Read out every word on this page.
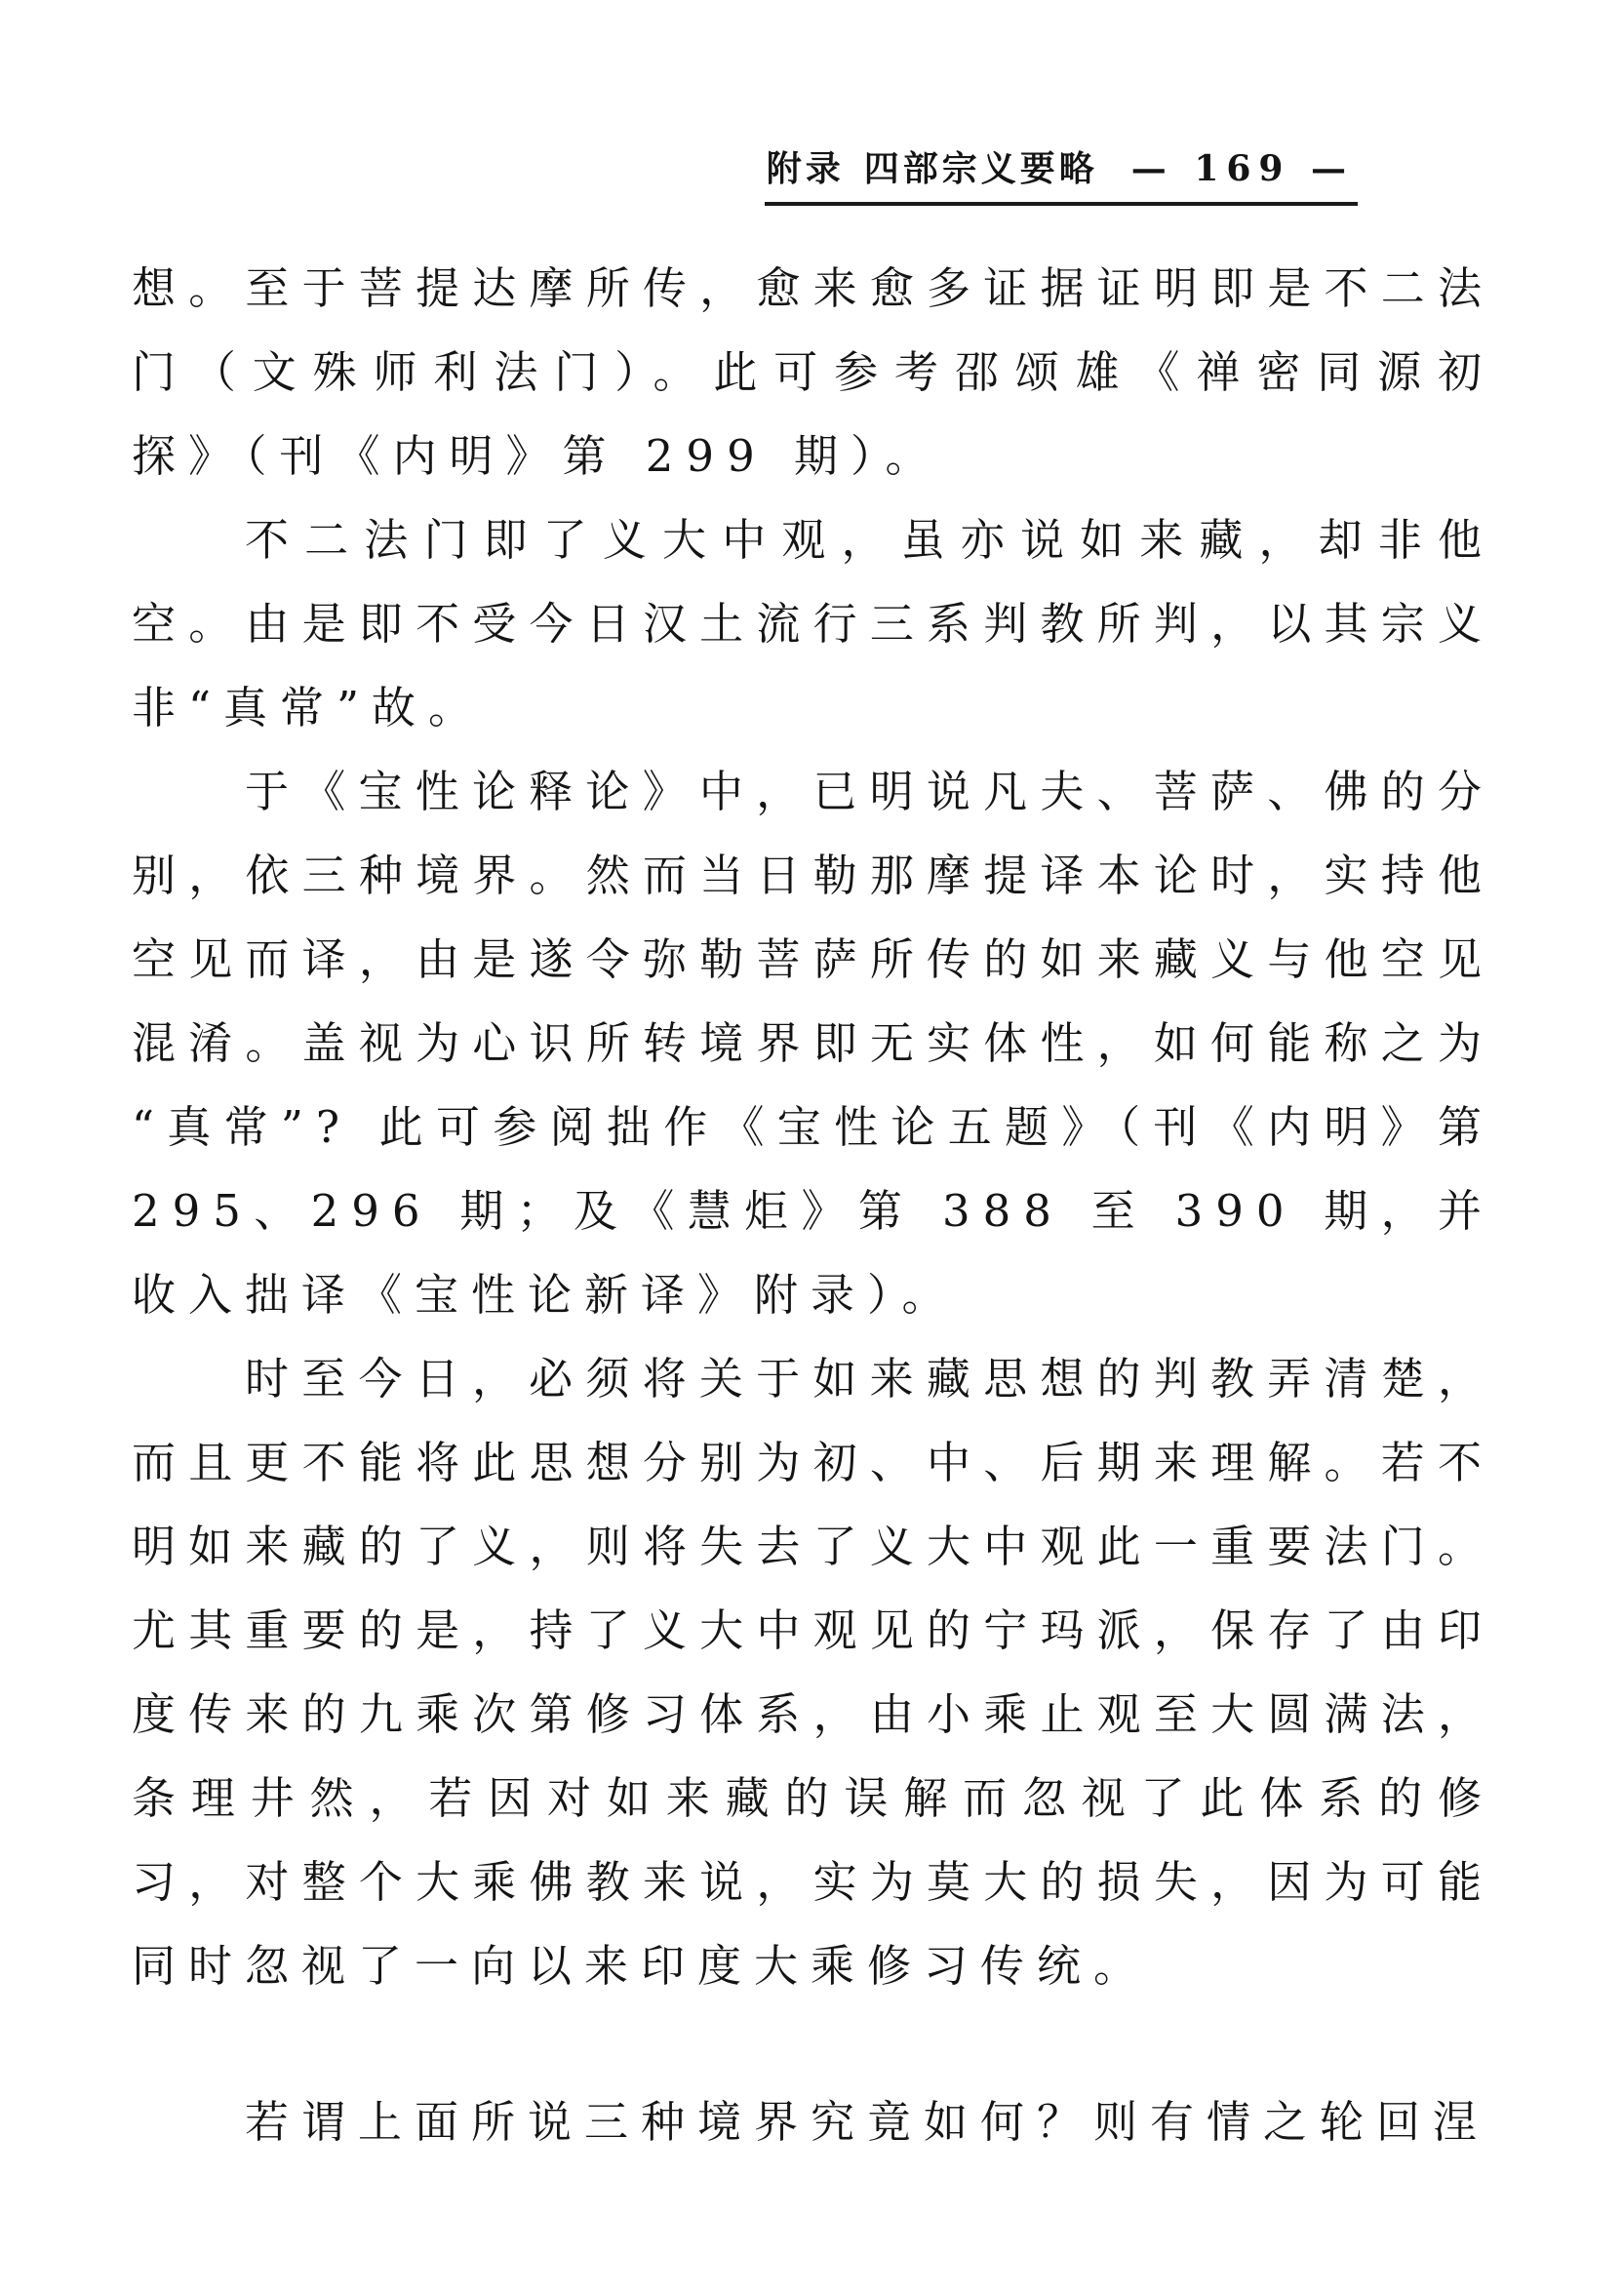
附录 四部宗义要略 — 169 —

想。至于菩提达摩所传，愈来愈多证据证明即是不二法门（文殊师利法门）。此可参考邵颂雄《禅密同源初探》（刊《内明》第 299 期）。

不二法门即了义大中观，虽亦说如来藏，却非他空。由是即不受今日汉土流行三系判教所判，以其宗义非“真常”故。

于《宝性论释论》中，已明说凡夫、菩萨、佛的分别，依三种境界。然而当日勒那摩提译本论时，实持他空见而译，由是遂令弥勒菩萨所传的如来藏义与他空见混淆。盖视为心识所转境界即无实体性，如何能称之为“真常”? 此可参阅拙作《宝性论五题》（刊《内明》第 295、296 期；及《慧炬》第 388 至 390 期，并收入拙译《宝性论新译》附录）。

时至今日，必须将关于如来藏思想的判教弄清楚，而且更不能将此思想分别为初、中、后期来理解。若不明如来藏的了义，则将失去了义大中观此一重要法门。尤其重要的是，持了义大中观见的宁玛派，保存了由印度传来的九乘次第修习体系，由小乘止观至大圆满法，条理井然，若因对如来藏的误解而忽视了此体系的修习，对整个大乘佛教来说，实为莫大的损失，因为可能同时忽视了一向以来印度大乘修习传统。

若谓上面所说三种境界究竟如何？则有情之轮回涅
